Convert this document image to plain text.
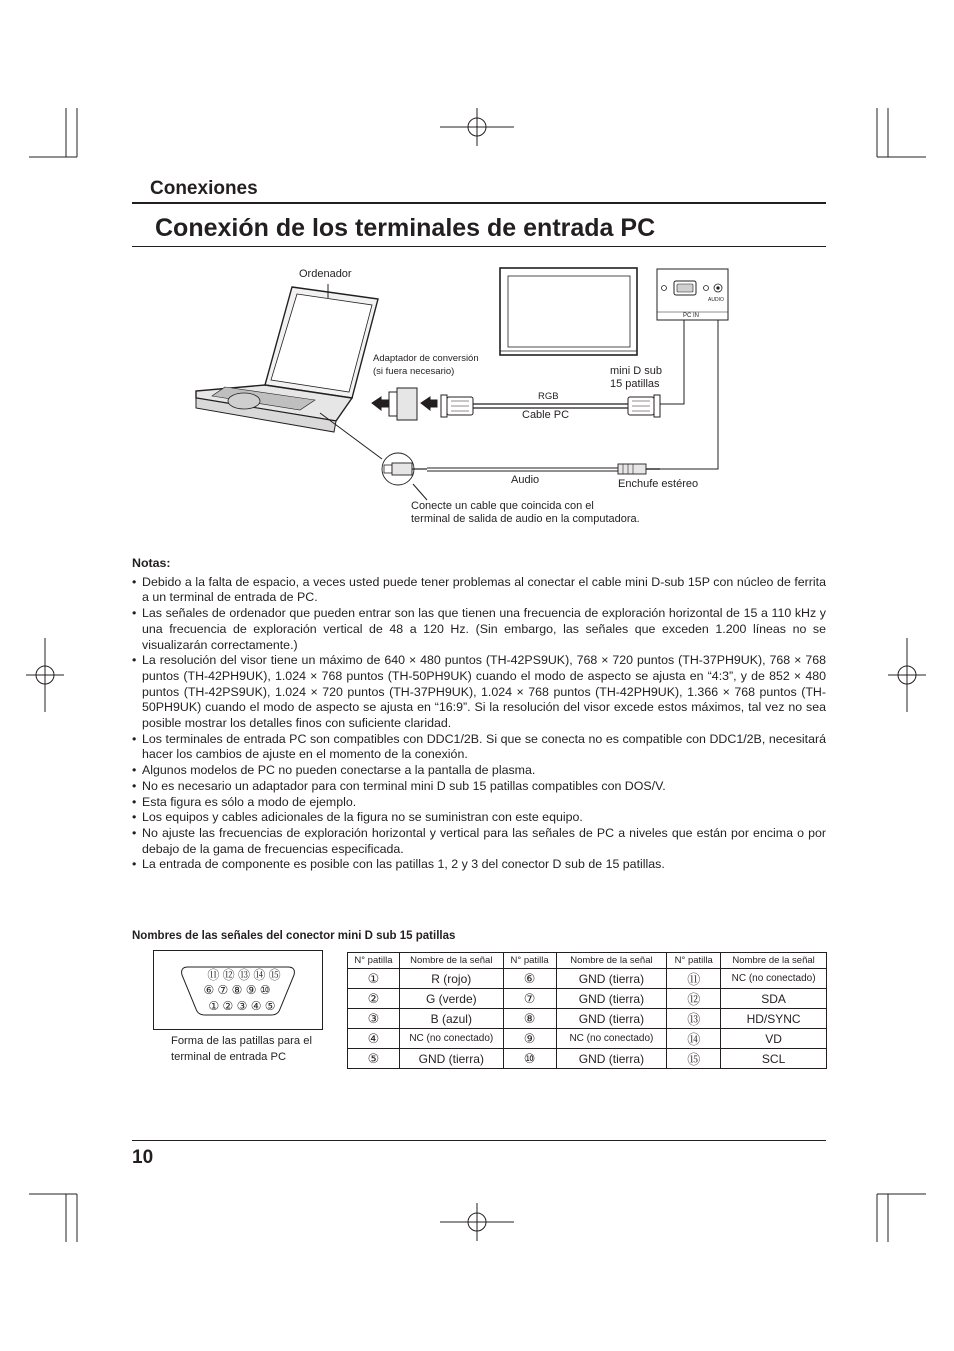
Conexiones
Conexión de los terminales de entrada PC
Ordenador
Adaptador de conversión
(si fuera necesario)
RGB
Cable PC
mini D sub
15 patillas
Audio	Enchufe estéreo
Conecte un cable que coincida con el
terminal de salida de audio en la computadora.
AUDIO
PC IN
Notas:
• Debido a la falta de espacio, a veces usted puede tener problemas al conectar el cable mini D-sub 15P con núcleo de ferrita a un terminal de entrada de PC.
• Las señales de ordenador que pueden entrar son las que tienen una frecuencia de exploración horizontal de 15 a 110 kHz y una frecuencia de exploración vertical de 48 a 120 Hz. (Sin embargo, las señales que exceden 1.200 líneas no se visualizarán correctamente.)
• La resolución del visor tiene un máximo de 640 × 480 puntos (TH-42PS9UK), 768 × 720 puntos (TH-37PH9UK), 768 × 768 puntos (TH-42PH9UK), 1.024 × 768 puntos (TH-50PH9UK) cuando el modo de aspecto se ajusta en “4:3”, y de 852 × 480 puntos (TH-42PS9UK), 1.024 × 720 puntos (TH-37PH9UK), 1.024 × 768 puntos (TH-42PH9UK), 1.366 × 768 puntos (TH-50PH9UK) cuando el modo de aspecto se ajusta en “16:9”. Si la resolución del visor excede estos máximos, tal vez no sea posible mostrar los detalles finos con suficiente claridad.
• Los terminales de entrada PC son compatibles con DDC1/2B. Si que se conecta no es compatible con DDC1/2B, necesitará hacer los cambios de ajuste en el momento de la conexión.
• Algunos modelos de PC no pueden conectarse a la pantalla de plasma.
• No es necesario un adaptador para con terminal mini D sub 15 patillas compatibles con DOS/V.
• Esta figura es sólo a modo de ejemplo.
• Los equipos y cables adicionales de la figura no se suministran con este equipo.
• No ajuste las frecuencias de exploración horizontal y vertical para las señales de PC a niveles que están por encima o por debajo de la gama de frecuencias especificada.
• La entrada de componente es posible con las patillas 1, 2 y 3 del conector D sub de 15 patillas.
Nombres de las señales del conector mini D sub 15 patillas
⑪ ⑫ ⑬ ⑭ ⑮
⑥ ⑦ ⑧ ⑨ ⑩
① ② ③ ④ ⑤
Forma de las patillas para el terminal de entrada PC
N° patilla	Nombre de la señal	N° patilla	Nombre de la señal	N° patilla	Nombre de la señal
①	R (rojo)	⑥	GND (tierra)	⑪	NC (no conectado)
②	G (verde)	⑦	GND (tierra)	⑫	SDA
③	B (azul)	⑧	GND (tierra)	⑬	HD/SYNC
④	NC (no conectado)	⑨	NC (no conectado)	⑭	VD
⑤	GND (tierra)	⑩	GND (tierra)	⑮	SCL
10
